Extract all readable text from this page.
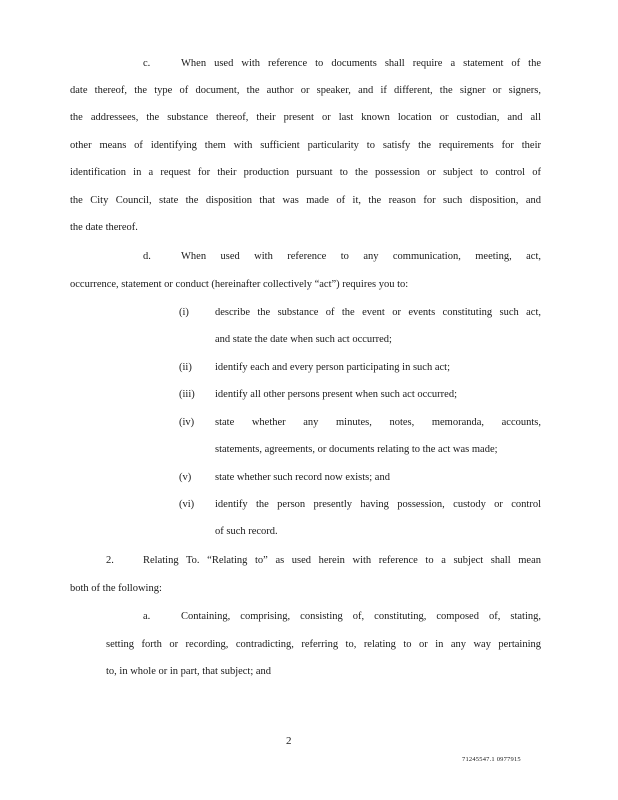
c.	When used with reference to documents shall require a statement of the
date thereof, the type of document, the author or speaker, and if different, the signer or signers,
the addressees, the substance thereof, their present or last known location or custodian, and all
other means of identifying them with sufficient particularity to satisfy the requirements for their
identification in a request for their production pursuant to the possession or subject to control of
the City Council, state the disposition that was made of it, the reason for such disposition, and
the date thereof.
d.	When used with reference to any communication, meeting, act,
occurrence, statement or conduct (hereinafter collectively “act”) requires you to:
(i) describe the substance of the event or events constituting such act,
and state the date when such act occurred;
(ii) identify each and every person participating in such act;
(iii) identify all other persons present when such act occurred;
(iv) state whether any minutes, notes, memoranda, accounts,
statements, agreements, or documents relating to the act was made;
(v) state whether such record now exists; and
(vi) identify the person presently having possession, custody or control
of such record.
2.	Relating To. “Relating to” as used herein with reference to a subject shall mean
both of the following:
a.	Containing, comprising, consisting of, constituting, composed of, stating,
setting forth or recording, contradicting, referring to, relating to or in any way pertaining
to, in whole or in part, that subject; and
2
71245547.1 0977915
